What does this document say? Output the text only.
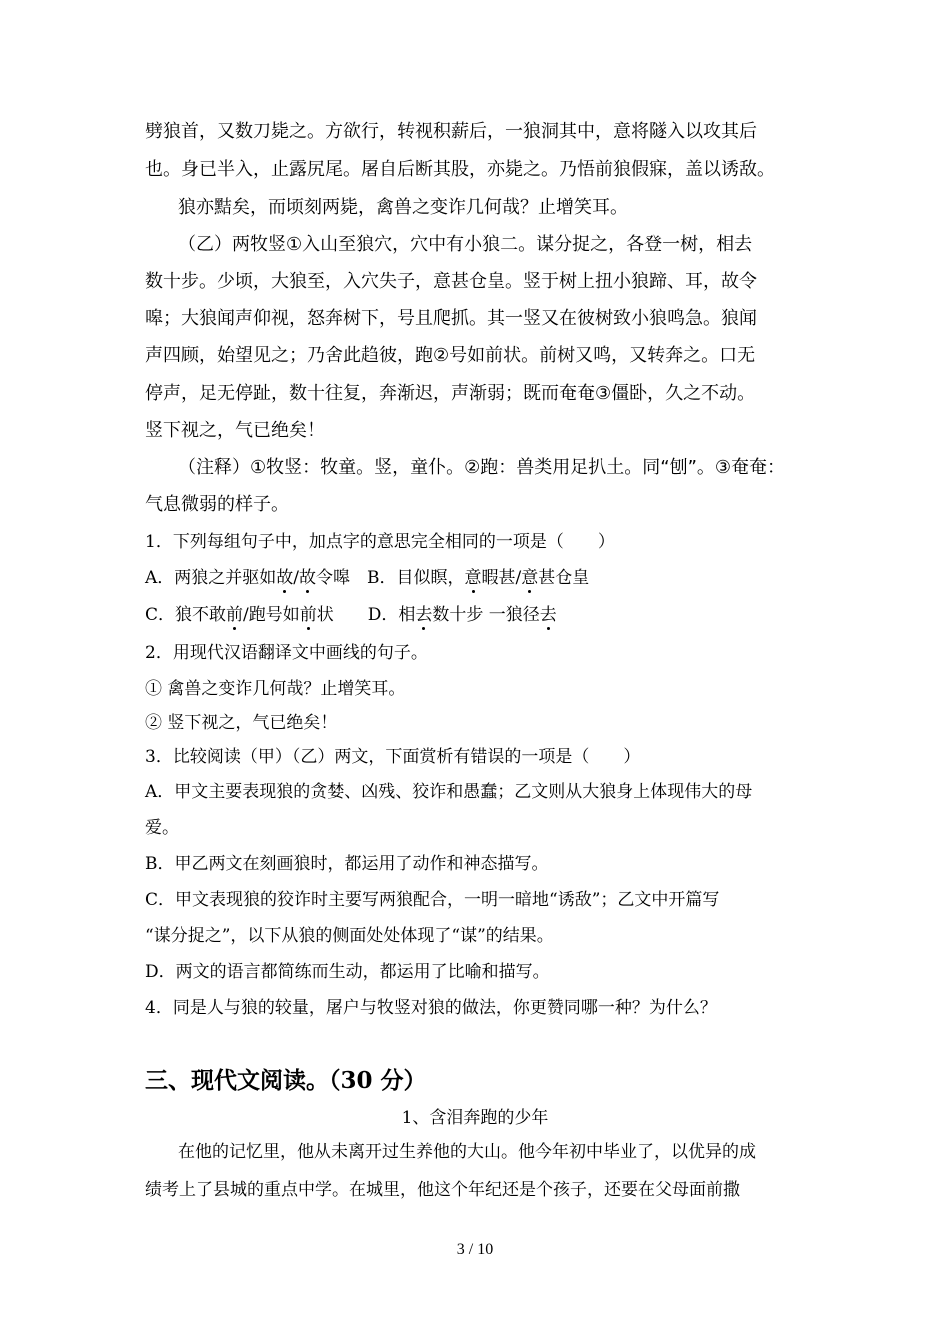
劈狼首，又数刀毙之。方欲行，转视积薪后，一狼洞其中，意将隧入以攻其后
也。身已半入，止露尻尾。屠自后断其股，亦毙之。乃悟前狼假寐，盖以诱敌。
狼亦黠矣，而顷刻两毙，禽兽之变诈几何哉？止增笑耳。
（乙）两牧竖①入山至狼穴，穴中有小狼二。谋分捉之，各登一树，相去
数十步。少顷，大狼至，入穴失子，意甚仓皇。竖于树上扭小狼蹄、耳，故令
嗥；大狼闻声仰视，怒奔树下，号且爬抓。其一竖又在彼树致小狼鸣急。狼闻
声四顾，始望见之；乃舍此趋彼，跑②号如前状。前树又鸣，又转奔之。口无
停声，足无停趾，数十往复，奔渐迟，声渐弱；既而奄奄③僵卧，久之不动。
竖下视之，气已绝矣！
（注释）①牧竖：牧童。竖，童仆。②跑：兽类用足扒土。同“刨”。③奄奄：
气息微弱的样子。
1．下列每组句子中，加点字的意思完全相同的一项是（　　）
A．两狼之并驱如故/故令嗥　B．目似瞑，意暇甚/意甚仓皇
C．狼不敢前/跑号如前状　　D．相去数十步 一狼径去
2．用现代汉语翻译文中画线的句子。
① 禽兽之变诈几何哉？止增笑耳。
② 竖下视之，气已绝矣！
3．比较阅读（甲）（乙）两文，下面赏析有错误的一项是（　　）
A．甲文主要表现狼的贪婪、凶残、狡诈和愚蠢；乙文则从大狼身上体现伟大的母
爱。
B．甲乙两文在刻画狼时，都运用了动作和神态描写。
C．甲文表现狼的狡诈时主要写两狼配合，一明一暗地“诱敌”；乙文中开篇写
“谋分捉之”，以下从狼的侧面处处体现了“谋”的结果。
D．两文的语言都简练而生动，都运用了比喻和描写。
4．同是人与狼的较量，屠户与牧竖对狼的做法，你更赞同哪一种？为什么？
三、现代文阅读。（30 分）
1、含泪奔跑的少年
在他的记忆里，他从未离开过生养他的大山。他今年初中毕业了，以优异的成
绩考上了县城的重点中学。在城里，他这个年纪还是个孩子，还要在父母面前撒
3 / 10
